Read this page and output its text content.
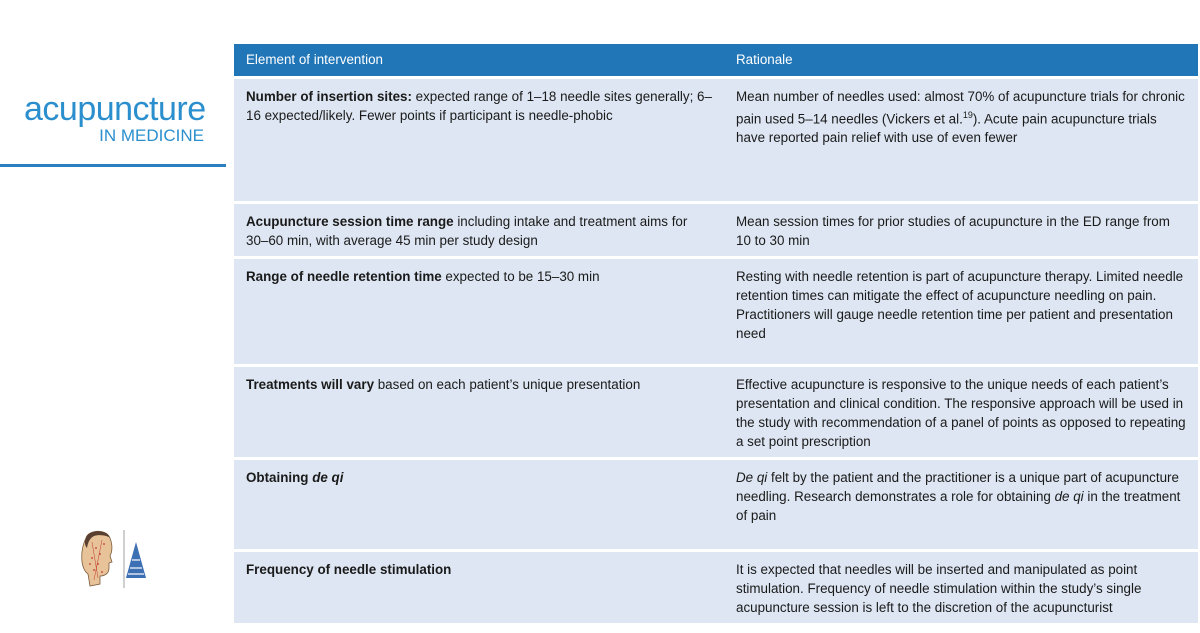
acupuncture
IN MEDICINE
Element of intervention	Rationale
Number of insertion sites: expected range of 1–18 needle sites generally; 6–16 expected/likely. Fewer points if participant is needle-phobic	Mean number of needles used: almost 70% of acupuncture trials for chronic pain used 5–14 needles (Vickers et al.$^{19}$). Acute pain acupuncture trials have reported pain relief with use of even fewer
Acupuncture session time range including intake and treatment aims for 30–60 min, with average 45 min per study design	Mean session times for prior studies of acupuncture in the ED range from 10 to 30 min
Range of needle retention time expected to be 15–30 min	Resting with needle retention is part of acupuncture therapy. Limited needle retention times can mitigate the effect of acupuncture needling on pain. Practitioners will gauge needle retention time per patient and presentation need
Treatments will vary based on each patient’s unique presentation	Effective acupuncture is responsive to the unique needs of each patient’s presentation and clinical condition. The responsive approach will be used in the study with recommendation of a panel of points as opposed to repeating a set point prescription
Obtaining de qi	De qi felt by the patient and the practitioner is a unique part of acupuncture needling. Research demonstrates a role for obtaining de qi in the treatment of pain
Frequency of needle stimulation	It is expected that needles will be inserted and manipulated as point stimulation. Frequency of needle stimulation within the study’s single acupuncture session is left to the discretion of the acupuncturist
